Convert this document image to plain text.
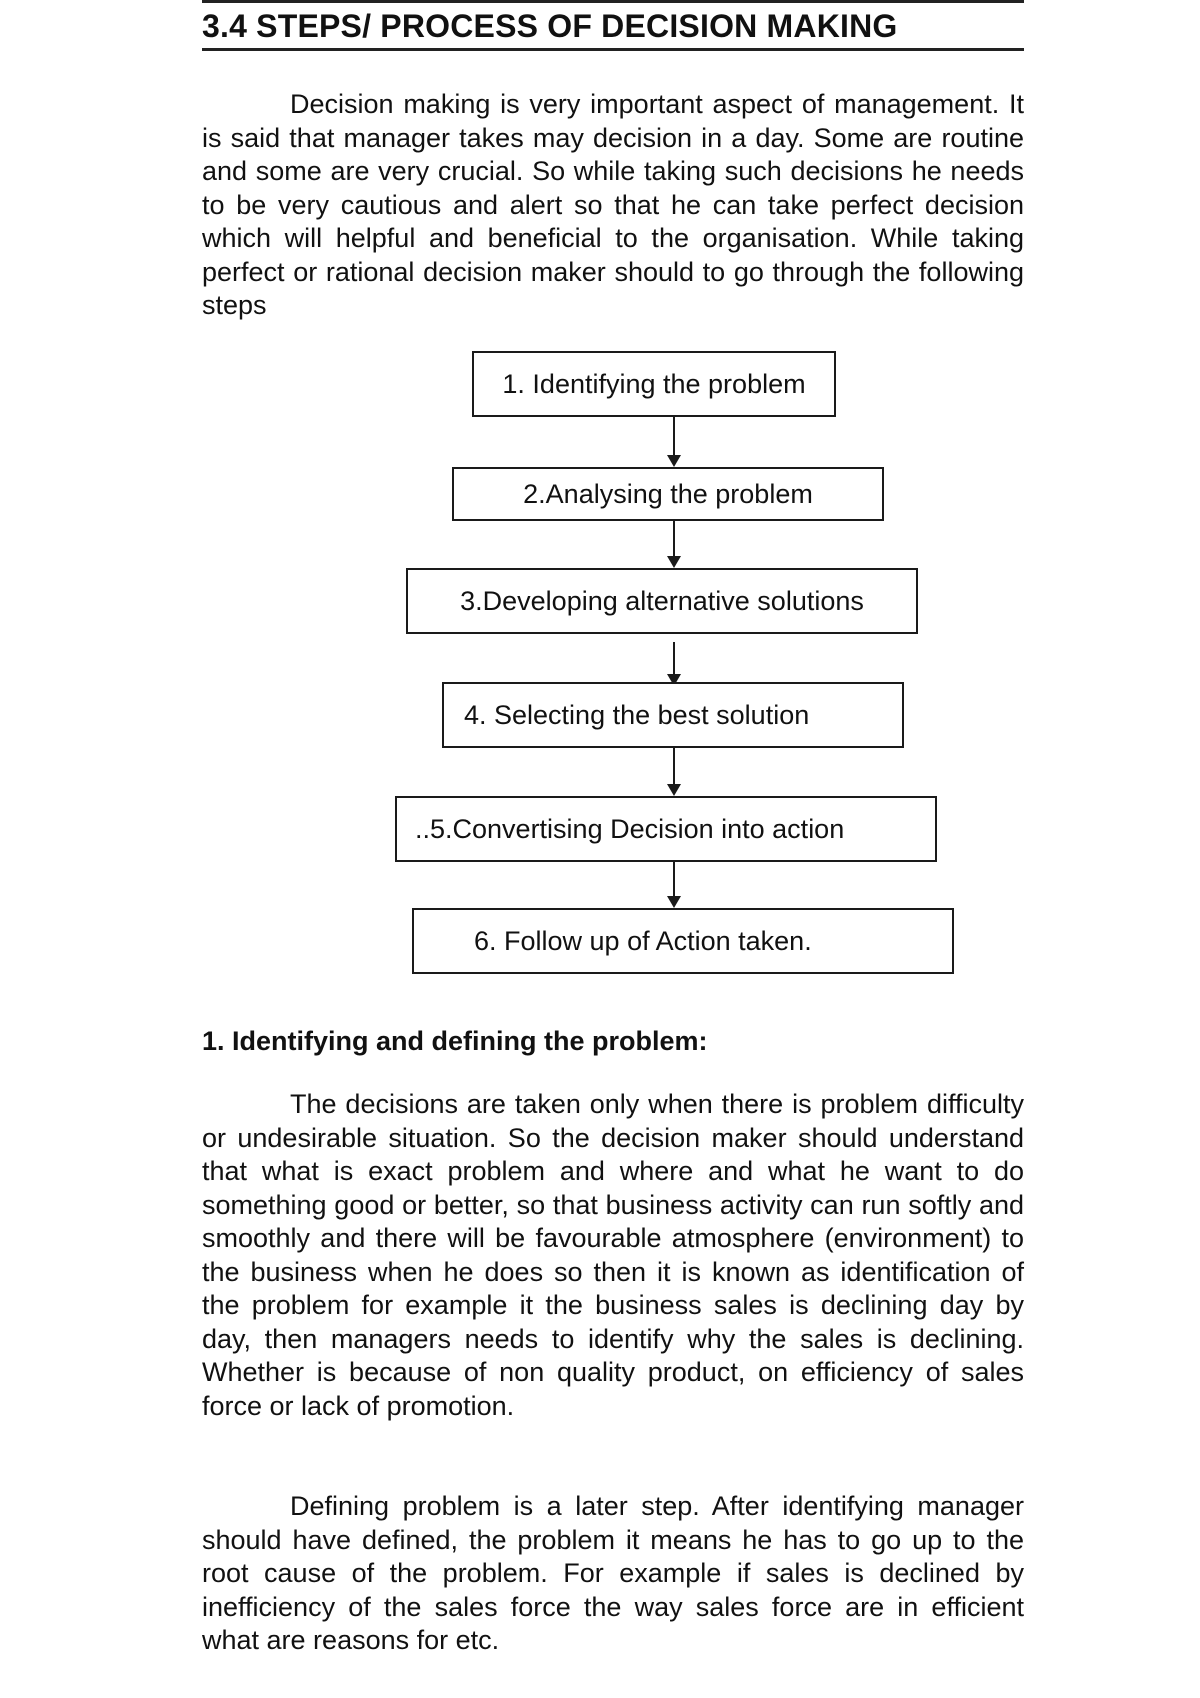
3.4 STEPS/ PROCESS OF DECISION MAKING

Decision making is very important aspect of management. It is said that manager takes may decision in a day. Some are routine and some are very crucial. So while taking such decisions he needs to be very cautious and alert so that he can take perfect decision which will helpful and beneficial to the organisation. While taking perfect or rational decision maker should to go through the following steps

1. Identifying the problem
2.Analysing the problem
3.Developing alternative solutions
4. Selecting the best solution
..5.Convertising Decision into action
6. Follow up of Action taken.
1. Identifying and defining the problem:

The decisions are taken only when there is problem difficulty or undesirable situation. So the decision maker should understand that what is exact problem and where and what he want to do something good or better, so that business activity can run softly and smoothly and there will be favourable atmosphere (environment) to the business when he does so then it is known as identification of the problem for example it the business sales is declining day by day, then managers needs to identify why the sales is declining. Whether is because of non quality product, on efficiency of sales force or lack of promotion.

Defining problem is a later step. After identifying manager should have defined, the problem it means he has to go up to the root cause of the problem. For example if sales is declined by inefficiency of the sales force the way sales force are in efficient what are reasons for etc.
